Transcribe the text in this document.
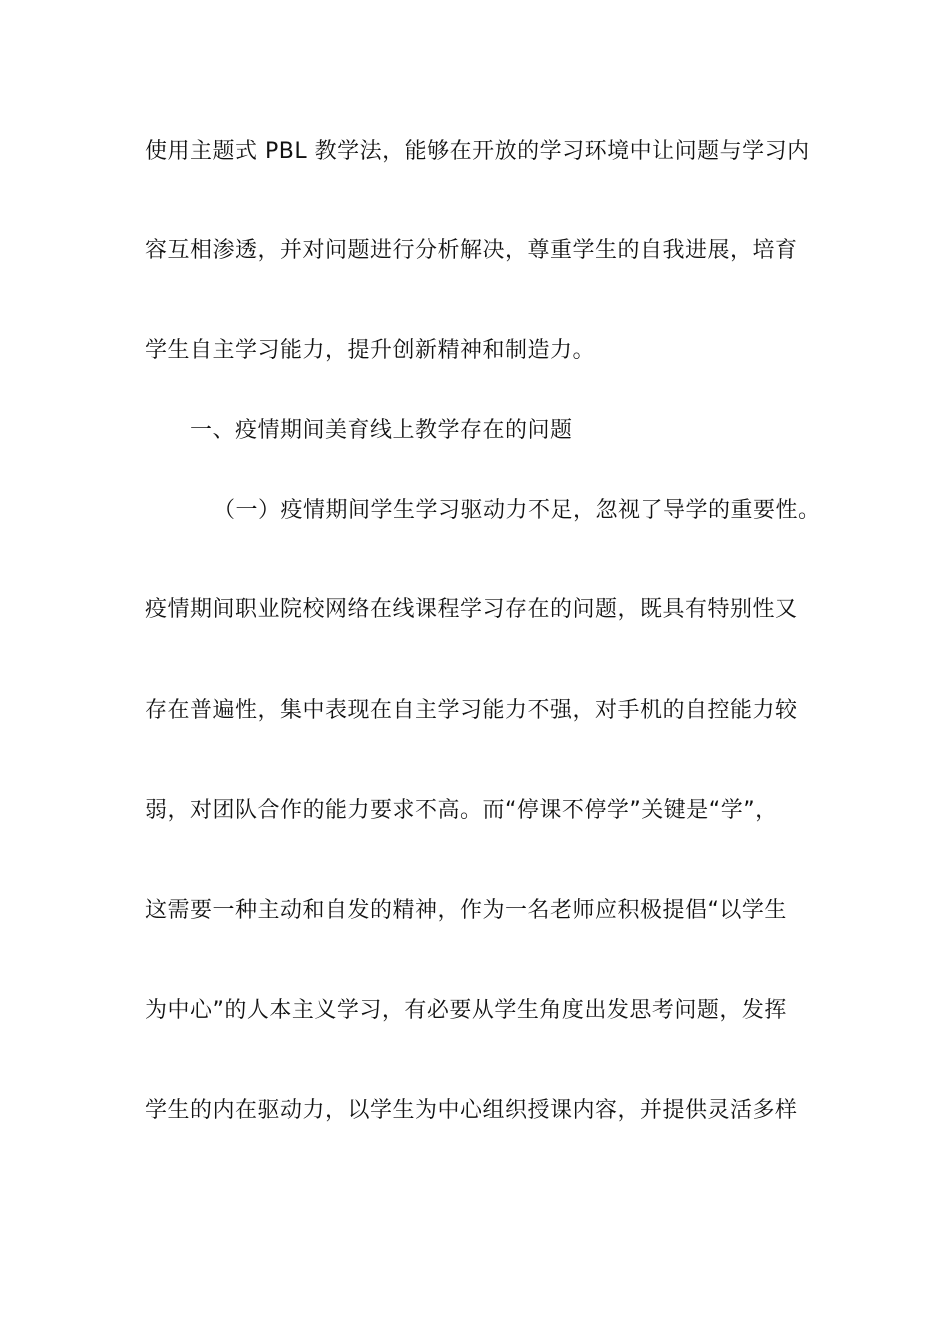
使用主题式 PBL 教学法，能够在开放的学习环境中让问题与学习内
容互相渗透，并对问题进行分析解决，尊重学生的自我进展，培育
学生自主学习能力，提升创新精神和制造力。
一、疫情期间美育线上教学存在的问题
（一）疫情期间学生学习驱动力不足，忽视了导学的重要性。
疫情期间职业院校网络在线课程学习存在的问题，既具有特别性又
存在普遍性，集中表现在自主学习能力不强，对手机的自控能力较
弱，对团队合作的能力要求不高。而“停课不停学”关键是“学”，
这需要一种主动和自发的精神，作为一名老师应积极提倡“以学生
为中心”的人本主义学习，有必要从学生角度出发思考问题，发挥
学生的内在驱动力，以学生为中心组织授课内容，并提供灵活多样
